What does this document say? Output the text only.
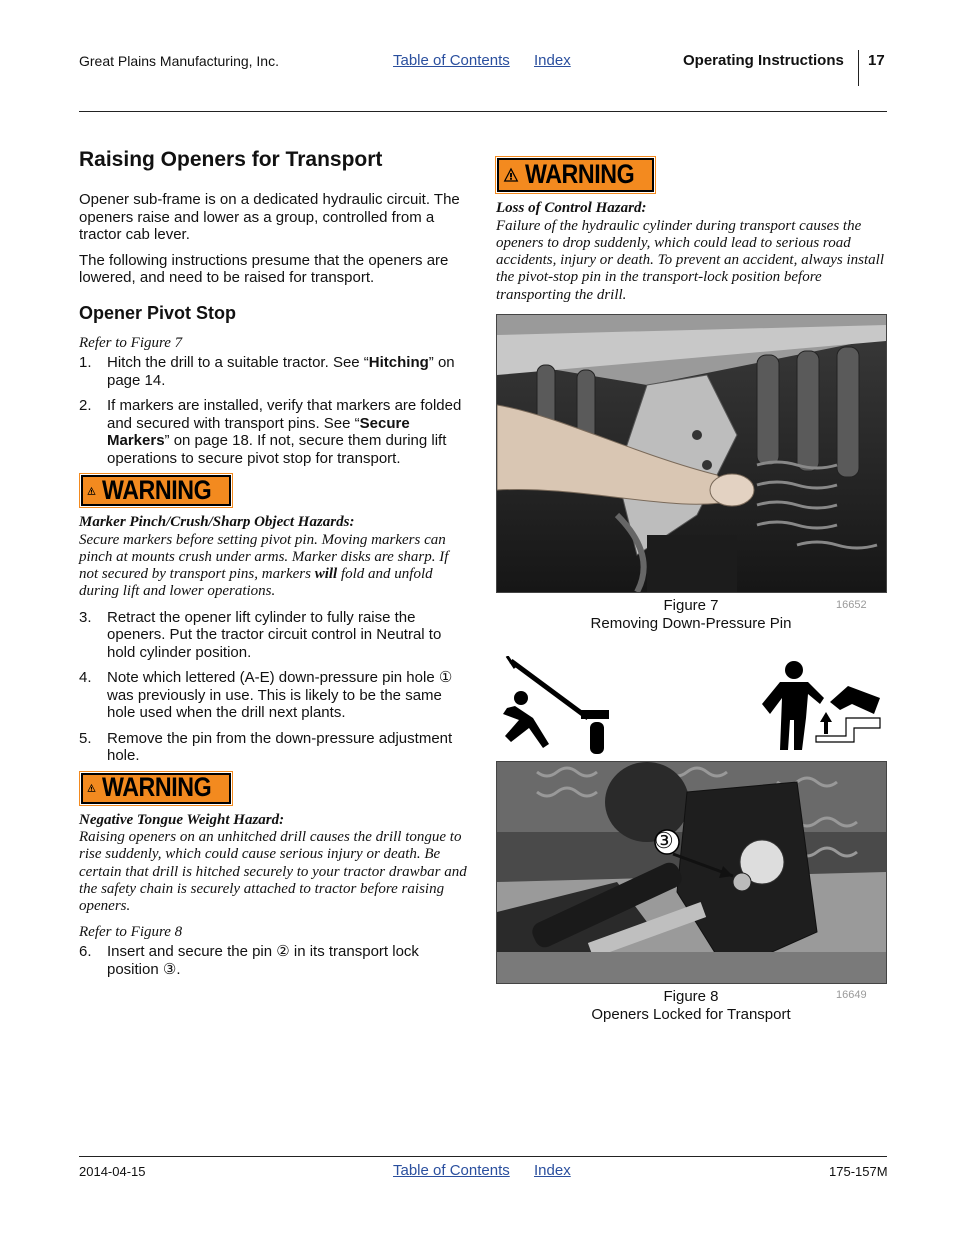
Great Plains Manufacturing, Inc.	Table of Contents Index	Operating Instructions 17
Raising Openers for Transport

Opener sub-frame is on a dedicated hydraulic circuit. The openers raise and lower as a group, controlled from a tractor cab lever.

The following instructions presume that the openers are lowered, and need to be raised for transport.

Opener Pivot Stop
Refer to Figure 7
1.	Hitch the drill to a suitable tractor. See “Hitching” on page 14.
2.	If markers are installed, verify that markers are folded and secured with transport pins. See “Secure Markers” on page 18. If not, secure them during lift operations to secure pivot stop for transport.
WARNING

Marker Pinch/Crush/Sharp Object Hazards:

Secure markers before setting pivot pin. Moving markers can pinch at mounts crush under arms. Marker disks are sharp. If not secured by transport pins, markers will fold and unfold during lift and lower operations.

3.	Retract the opener lift cylinder to fully raise the openers. Put the tractor circuit control in Neutral to hold cylinder position.
4.	Note which lettered (A-E) down-pressure pin hole ① was previously in use. This is likely to be the same hole used when the drill next plants.
5.	Remove the pin from the down-pressure adjustment hole.
WARNING

Negative Tongue Weight Hazard:

Raising openers on an unhitched drill causes the drill tongue to rise suddenly, which could cause serious injury or death. Be certain that drill is hitched securely to your tractor drawbar and the safety chain is securely attached to tractor before raising openers.

Refer to Figure 8
6.	Insert and secure the pin ② in its transport lock position ③.
WARNING

Loss of Control Hazard:

Failure of the hydraulic cylinder during transport causes the openers to drop suddenly, which could lead to serious road accidents, injury or death. To prevent an accident, always install the pivot-stop pin in the transport-lock position before transporting the drill.

Figure 7
Removing Down-Pressure Pin
16652
③
Figure 8
Openers Locked for Transport
16649
2014-04-15	Table of Contents Index	175-157M
